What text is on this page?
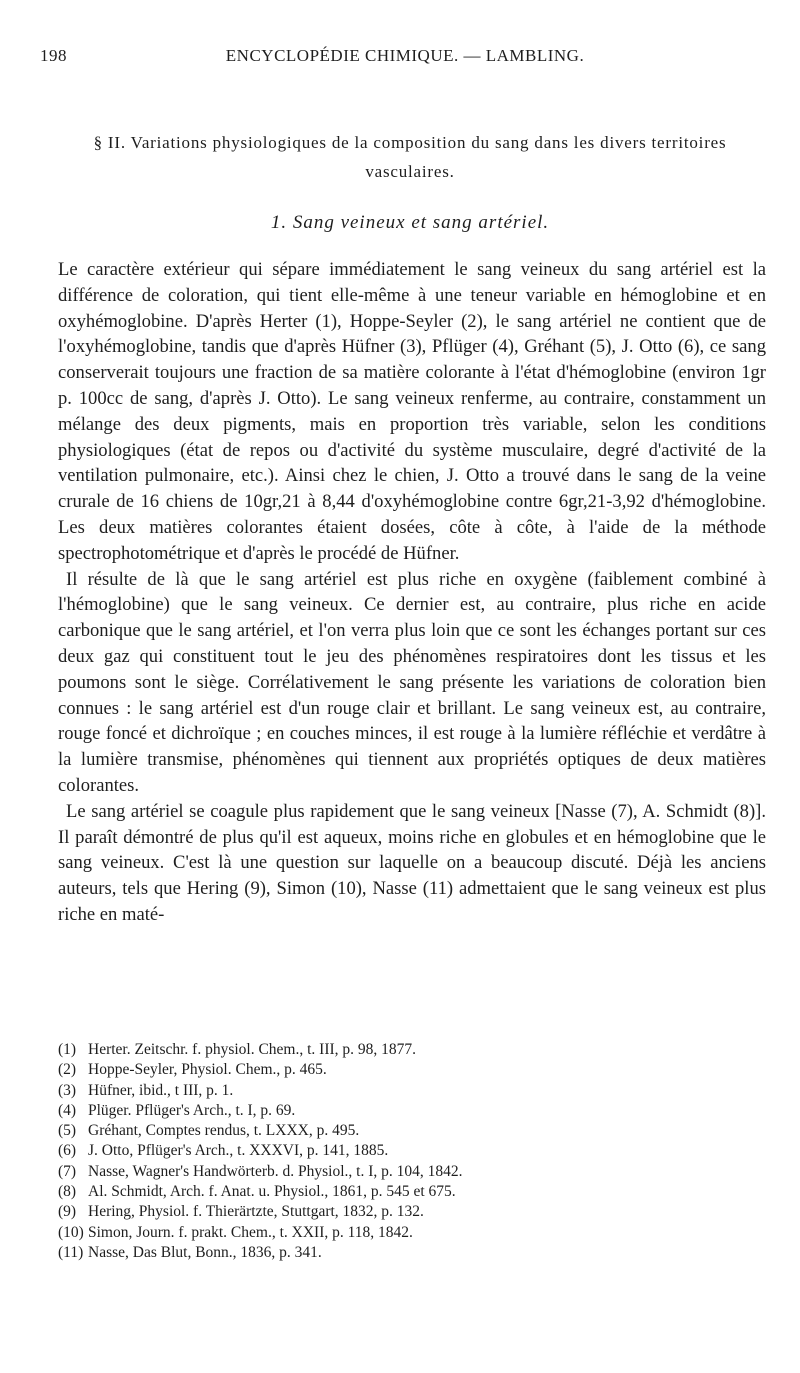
198	ENCYCLOPÉDIE CHIMIQUE. — LAMBLING.
§ II. Variations physiologiques de la composition du sang dans les divers territoires vasculaires.
1. Sang veineux et sang artériel.

Le caractère extérieur qui sépare immédiatement le sang veineux du sang artériel est la différence de coloration, qui tient elle-même à une teneur variable en hémoglobine et en oxyhémoglobine. D'après Herter (1), Hoppe-Seyler (2), le sang artériel ne contient que de l'oxyhémoglobine, tandis que d'après Hüfner (3), Pflüger (4), Gréhant (5), J. Otto (6), ce sang conserverait toujours une fraction de sa matière colorante à l'état d'hémoglobine (environ 1gr p. 100cc de sang, d'après J. Otto). Le sang veineux renferme, au contraire, constamment un mélange des deux pigments, mais en proportion très variable, selon les conditions physiologiques (état de repos ou d'activité du système musculaire, degré d'activité de la ventilation pulmonaire, etc.). Ainsi chez le chien, J. Otto a trouvé dans le sang de la veine crurale de 16 chiens de 10gr,21 à 8,44 d'oxyhémoglobine contre 6gr,21-3,92 d'hémoglobine. Les deux matières colorantes étaient dosées, côte à côte, à l'aide de la méthode spectrophotométrique et d'après le procédé de Hüfner.

Il résulte de là que le sang artériel est plus riche en oxygène (faiblement combiné à l'hémoglobine) que le sang veineux. Ce dernier est, au contraire, plus riche en acide carbonique que le sang artériel, et l'on verra plus loin que ce sont les échanges portant sur ces deux gaz qui constituent tout le jeu des phénomènes respiratoires dont les tissus et les poumons sont le siège. Corrélativement le sang présente les variations de coloration bien connues : le sang artériel est d'un rouge clair et brillant. Le sang veineux est, au contraire, rouge foncé et dichroïque ; en couches minces, il est rouge à la lumière réfléchie et verdâtre à la lumière transmise, phénomènes qui tiennent aux propriétés optiques de deux matières colorantes.

Le sang artériel se coagule plus rapidement que le sang veineux [Nasse (7), A. Schmidt (8)]. Il paraît démontré de plus qu'il est aqueux, moins riche en globules et en hémoglobine que le sang veineux. C'est là une question sur laquelle on a beaucoup discuté. Déjà les anciens auteurs, tels que Hering (9), Simon (10), Nasse (11) admettaient que le sang veineux est plus riche en maté-

(1) Herter. Zeitschr. f. physiol. Chem., t. III, p. 98, 1877.
(2) Hoppe-Seyler, Physiol. Chem., p. 465.
(3) Hüfner, ibid., t III, p. 1.
(4) Plüger. Pflüger's Arch., t. I, p. 69.
(5) Gréhant, Comptes rendus, t. LXXX, p. 495.
(6) J. Otto, Pflüger's Arch., t. XXXVI, p. 141, 1885.
(7) Nasse, Wagner's Handwörterb. d. Physiol., t. I, p. 104, 1842.
(8) Al. Schmidt, Arch. f. Anat. u. Physiol., 1861, p. 545 et 675.
(9) Hering, Physiol. f. Thierärtzte, Stuttgart, 1832, p. 132.
(10) Simon, Journ. f. prakt. Chem., t. XXII, p. 118, 1842.
(11) Nasse, Das Blut, Bonn., 1836, p. 341.
